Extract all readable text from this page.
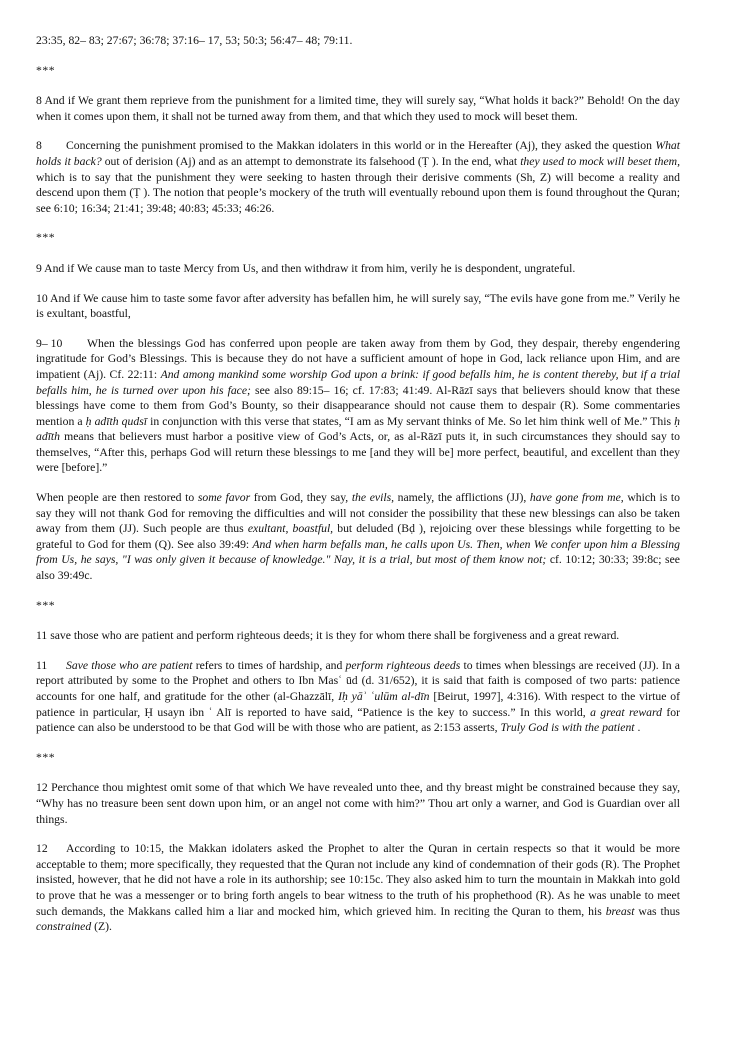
23:35, 82– 83; 27:67; 36:78; 37:16– 17, 53; 50:3; 56:47– 48; 79:11.

***

8 And if We grant them reprieve from the punishment for a limited time, they will surely say, “What holds it back?” Behold! On the day when it comes upon them, it shall not be turned away from them, and that which they used to mock will beset them.

8 Concerning the punishment promised to the Makkan idolaters in this world or in the Hereafter (Aj), they asked the question What holds it back? out of derision (Aj) and as an attempt to demonstrate its falsehood (Ṭ ). In the end, what they used to mock will beset them, which is to say that the punishment they were seeking to hasten through their derisive comments (Sh, Z) will become a reality and descend upon them (Ṭ ). The notion that people’s mockery of the truth will eventually rebound upon them is found throughout the Quran; see 6:10; 16:34; 21:41; 39:48; 40:83; 45:33; 46:26.

***

9 And if We cause man to taste Mercy from Us, and then withdraw it from him, verily he is despondent, ungrateful.

10 And if We cause him to taste some favor after adversity has befallen him, he will surely say, “The evils have gone from me.” Verily he is exultant, boastful,

9– 10 When the blessings God has conferred upon people are taken away from them by God, they despair, thereby engendering ingratitude for God’s Blessings. This is because they do not have a sufficient amount of hope in God, lack reliance upon Him, and are impatient (Aj). Cf. 22:11: And among mankind some worship God upon a brink: if good befalls him, he is content thereby, but if a trial befalls him, he is turned over upon his face; see also 89:15– 16; cf. 17:83; 41:49. Al-Rāzī says that believers should know that these blessings have come to them from God’s Bounty, so their disappearance should not cause them to despair (R). Some commentaries mention a ḥ adīth qudsī in conjunction with this verse that states, “I am as My servant thinks of Me. So let him think well of Me.” This ḥ adīth means that believers must harbor a positive view of God’s Acts, or, as al-Rāzī puts it, in such circumstances they should say to themselves, “After this, perhaps God will return these blessings to me [and they will be] more perfect, beautiful, and excellent than they were [before].”

When people are then restored to some favor from God, they say, the evils, namely, the afflictions (JJ), have gone from me, which is to say they will not thank God for removing the difficulties and will not consider the possibility that these new blessings can also be taken away from them (JJ). Such people are thus exultant, boastful, but deluded (Bḍ ), rejoicing over these blessings while forgetting to be grateful to God for them (Q). See also 39:49: And when harm befalls man, he calls upon Us. Then, when We confer upon him a Blessing from Us, he says, "I was only given it because of knowledge." Nay, it is a trial, but most of them know not; cf. 10:12; 30:33; 39:8c; see also 39:49c.

***

11 save those who are patient and perform righteous deeds; it is they for whom there shall be forgiveness and a great reward.

11 Save those who are patient refers to times of hardship, and perform righteous deeds to times when blessings are received (JJ). In a report attributed by some to the Prophet and others to Ibn Masʿ ūd (d. 31/652), it is said that faith is composed of two parts: patience accounts for one half, and gratitude for the other (al-Ghazzālī, Iḥ yāʾ ʿulūm al-dīn [Beirut, 1997], 4:316). With respect to the virtue of patience in particular, Ḥ usayn ibn ʿ Alī is reported to have said, “Patience is the key to success.” In this world, a great reward for patience can also be understood to be that God will be with those who are patient, as 2:153 asserts, Truly God is with the patient .

***

12 Perchance thou mightest omit some of that which We have revealed unto thee, and thy breast might be constrained because they say, “Why has no treasure been sent down upon him, or an angel not come with him?” Thou art only a warner, and God is Guardian over all things.

12 According to 10:15, the Makkan idolaters asked the Prophet to alter the Quran in certain respects so that it would be more acceptable to them; more specifically, they requested that the Quran not include any kind of condemnation of their gods (R). The Prophet insisted, however, that he did not have a role in its authorship; see 10:15c. They also asked him to turn the mountain in Makkah into gold to prove that he was a messenger or to bring forth angels to bear witness to the truth of his prophethood (R). As he was unable to meet such demands, the Makkans called him a liar and mocked him, which grieved him. In reciting the Quran to them, his breast was thus constrained (Z).
